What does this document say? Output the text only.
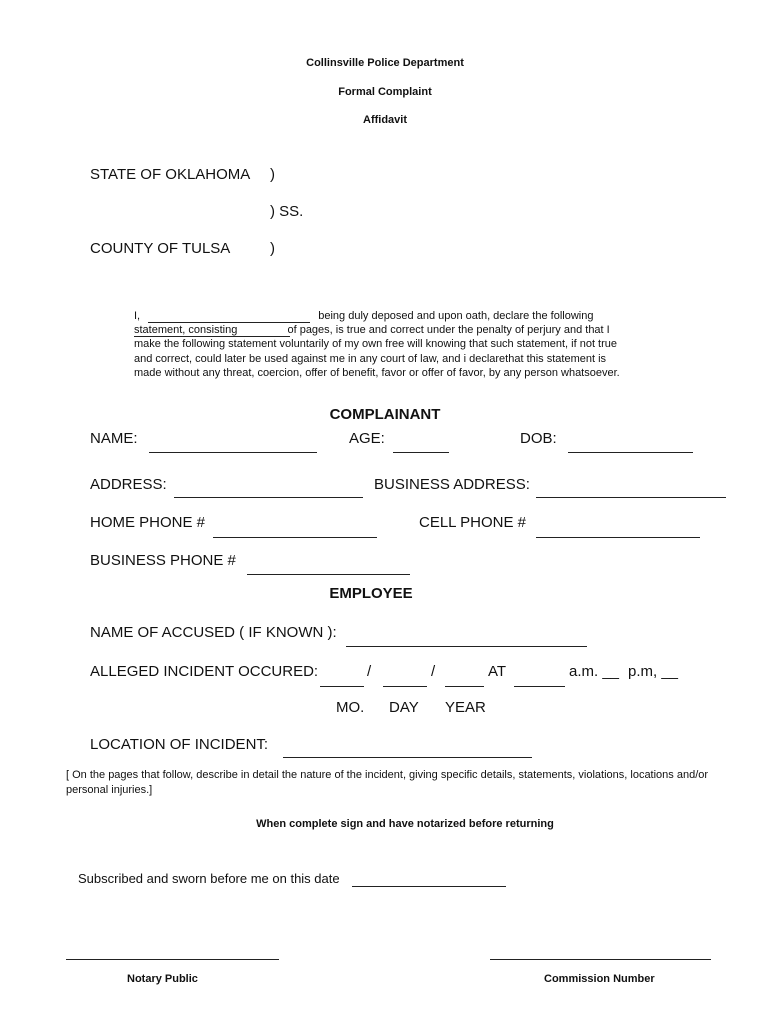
Collinsville Police Department
Formal Complaint
Affidavit
STATE OF OKLAHOMA )
) SS.
COUNTY OF TULSA	)

I,	being duly deposed and upon oath, declare the following

statement, consisting	of pages, is true and correct under the penalty of perjury and that I

make the following statement voluntarily of my own free will knowing that such statement, if not true

and correct, could later be used against me in any court of law, and i declarethat this statement is

made without any threat, coercion, offer of benefit, favor or offer of favor, by any person whatsoever.

COMPLAINANT
NAME:	AGE:	DOB:
ADDRESS:	BUSINESS ADDRESS:
HOME PHONE #	CELL PHONE #
BUSINESS PHONE #
EMPLOYEE
NAME OF ACCUSED ( IF KNOWN ):
ALLEGED INCIDENT OCCURED:	/	/	AT	a.m. __ p.m, __
MO. DAY YEAR
LOCATION OF INCIDENT:
[ On the pages that follow, describe in detail the nature of the incident, giving specific details, statements, violations, locations and/or
personal injuries.]
When complete sign and have notarized before returning
Subscribed and sworn before me on this date
Notary Public	Commission Number
